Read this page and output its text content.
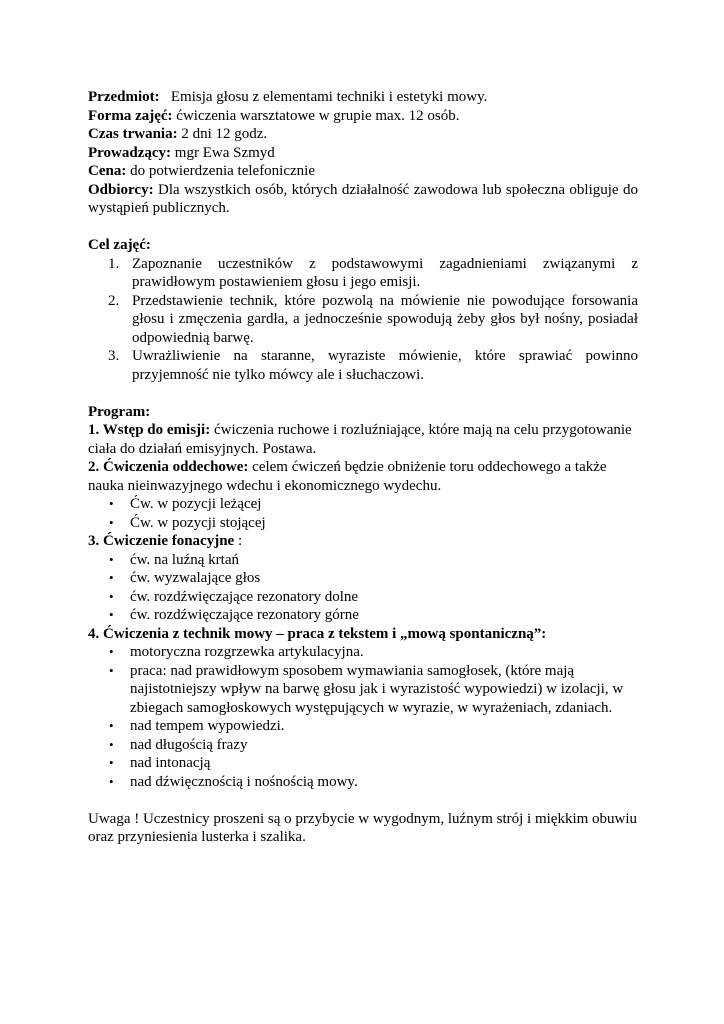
Przedmiot: Emisja głosu z elementami techniki i estetyki mowy.

Forma zajęć: ćwiczenia warsztatowe w grupie max. 12 osób.

Czas trwania: 2 dni 12 godz.

Prowadzący: mgr Ewa Szmyd

Cena: do potwierdzenia telefonicznie

Odbiorcy: Dla wszystkich osób, których działalność zawodowa lub społeczna obliguje do wystąpień publicznych.

Cel zajęć:

1. Zapoznanie uczestników z podstawowymi zagadnieniami związanymi z prawidłowym postawieniem głosu i jego emisji.
2. Przedstawienie technik, które pozwolą na mówienie nie powodujące forsowania głosu i zmęczenia gardła, a jednocześnie spowodują żeby głos był nośny, posiadał odpowiednią barwę.
3. Uwrażliwienie na staranne, wyraziste mówienie, które sprawiać powinno przyjemność nie tylko mówcy ale i słuchaczowi.

Program:

1. Wstęp do emisji: ćwiczenia ruchowe i rozluźniające, które mają na celu przygotowanie ciała do działań emisyjnych. Postawa.

2. Ćwiczenia oddechowe: celem ćwiczeń będzie obniżenie toru oddechowego a także nauka nieinwazyjnego wdechu i ekonomicznego wydechu.

• Ćw. w pozycji leżącej
• Ćw. w pozycji stojącej

3. Ćwiczenie fonacyjne :

• ćw. na luźną krtań
• ćw. wyzwalające głos
• ćw. rozdźwięczające rezonatory dolne
• ćw. rozdźwięczające rezonatory górne

4. Ćwiczenia z technik mowy – praca z tekstem i „mową spontaniczną”:

• motoryczna rozgrzewka artykulacyjna.
• praca: nad prawidłowym sposobem wymawiania samogłosek, (które mają najistotniejszy wpływ na barwę głosu jak i wyrazistość wypowiedzi) w izolacji, w zbiegach samogłoskowych występujących w wyrazie, w wyrażeniach, zdaniach.
• nad tempem wypowiedzi.
• nad długością frazy
• nad intonacją
• nad dźwięcznością i nośnością mowy.

Uwaga ! Uczestnicy proszeni są o przybycie w wygodnym, luźnym strój i miękkim obuwiu oraz przyniesienia lusterka i szalika.
